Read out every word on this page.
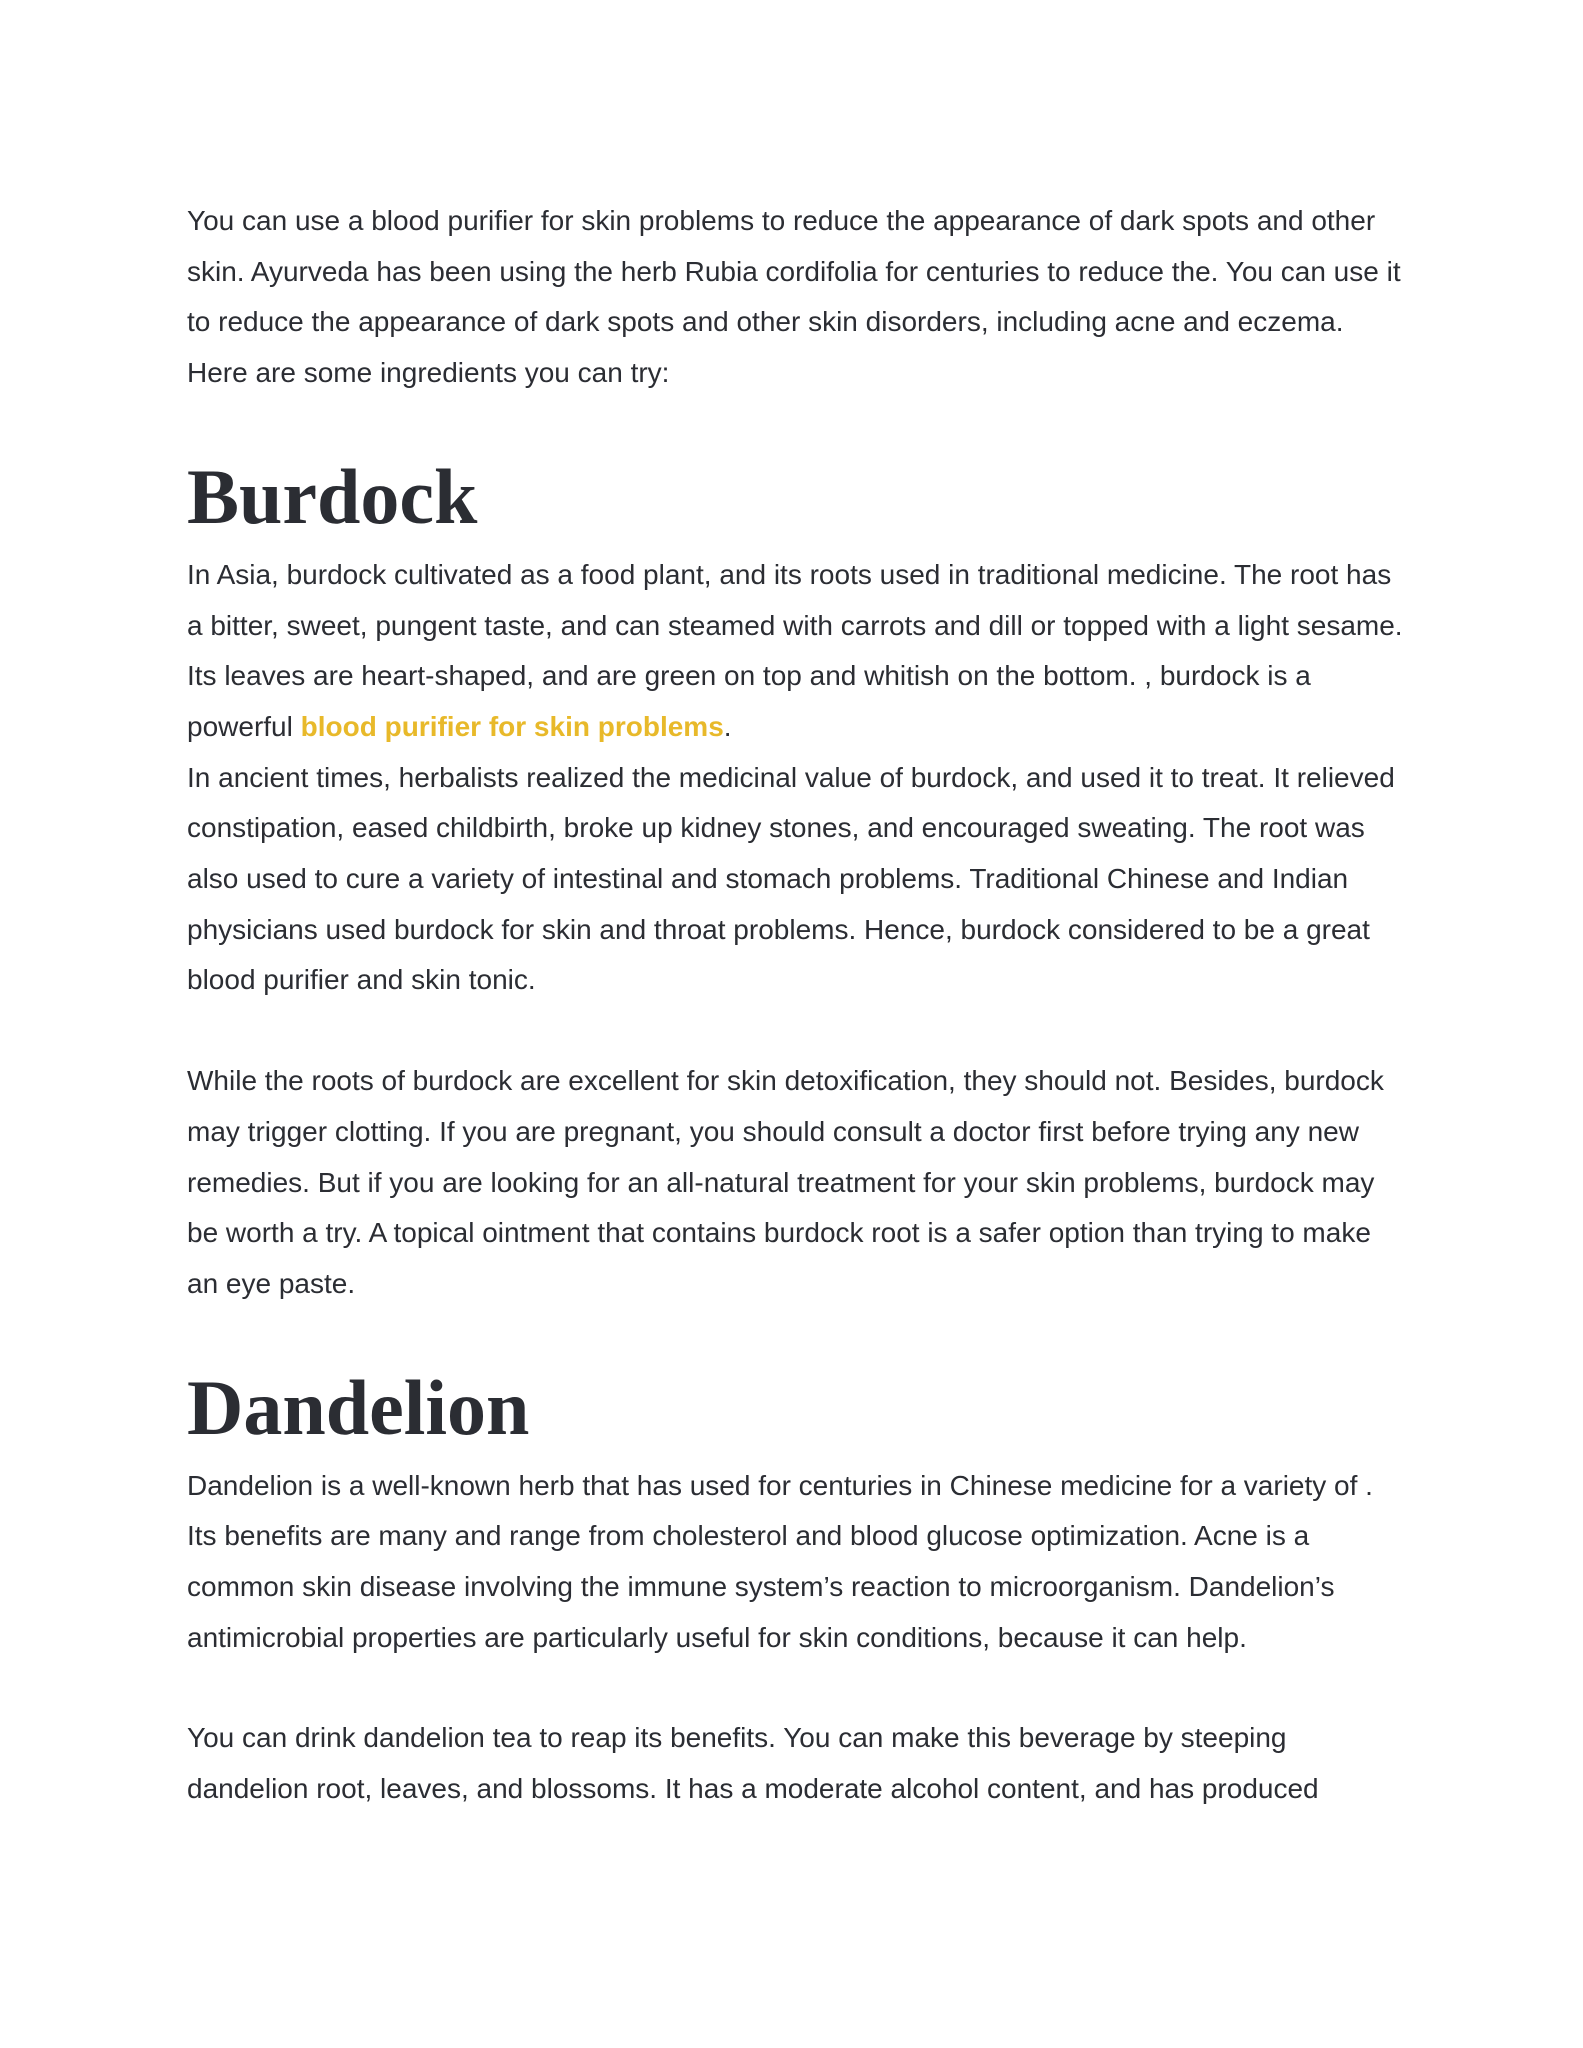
You can use a blood purifier for skin problems to reduce the appearance of dark spots and other skin. Ayurveda has been using the herb Rubia cordifolia for centuries to reduce the. You can use it to reduce the appearance of dark spots and other skin disorders, including acne and eczema. Here are some ingredients you can try:

Burdock

In Asia, burdock cultivated as a food plant, and its roots used in traditional medicine. The root has a bitter, sweet, pungent taste, and can steamed with carrots and dill or topped with a light sesame. Its leaves are heart-shaped, and are green on top and whitish on the bottom. , burdock is a powerful blood purifier for skin problems.

In ancient times, herbalists realized the medicinal value of burdock, and used it to treat. It relieved constipation, eased childbirth, broke up kidney stones, and encouraged sweating. The root was also used to cure a variety of intestinal and stomach problems. Traditional Chinese and Indian physicians used burdock for skin and throat problems. Hence, burdock considered to be a great blood purifier and skin tonic.

While the roots of burdock are excellent for skin detoxification, they should not. Besides, burdock may trigger clotting. If you are pregnant, you should consult a doctor first before trying any new remedies. But if you are looking for an all-natural treatment for your skin problems, burdock may be worth a try. A topical ointment that contains burdock root is a safer option than trying to make an eye paste.

Dandelion

Dandelion is a well-known herb that has used for centuries in Chinese medicine for a variety of . Its benefits are many and range from cholesterol and blood glucose optimization. Acne is a common skin disease involving the immune system’s reaction to microorganism. Dandelion’s antimicrobial properties are particularly useful for skin conditions, because it can help.

You can drink dandelion tea to reap its benefits. You can make this beverage by steeping dandelion root, leaves, and blossoms. It has a moderate alcohol content, and has produced
